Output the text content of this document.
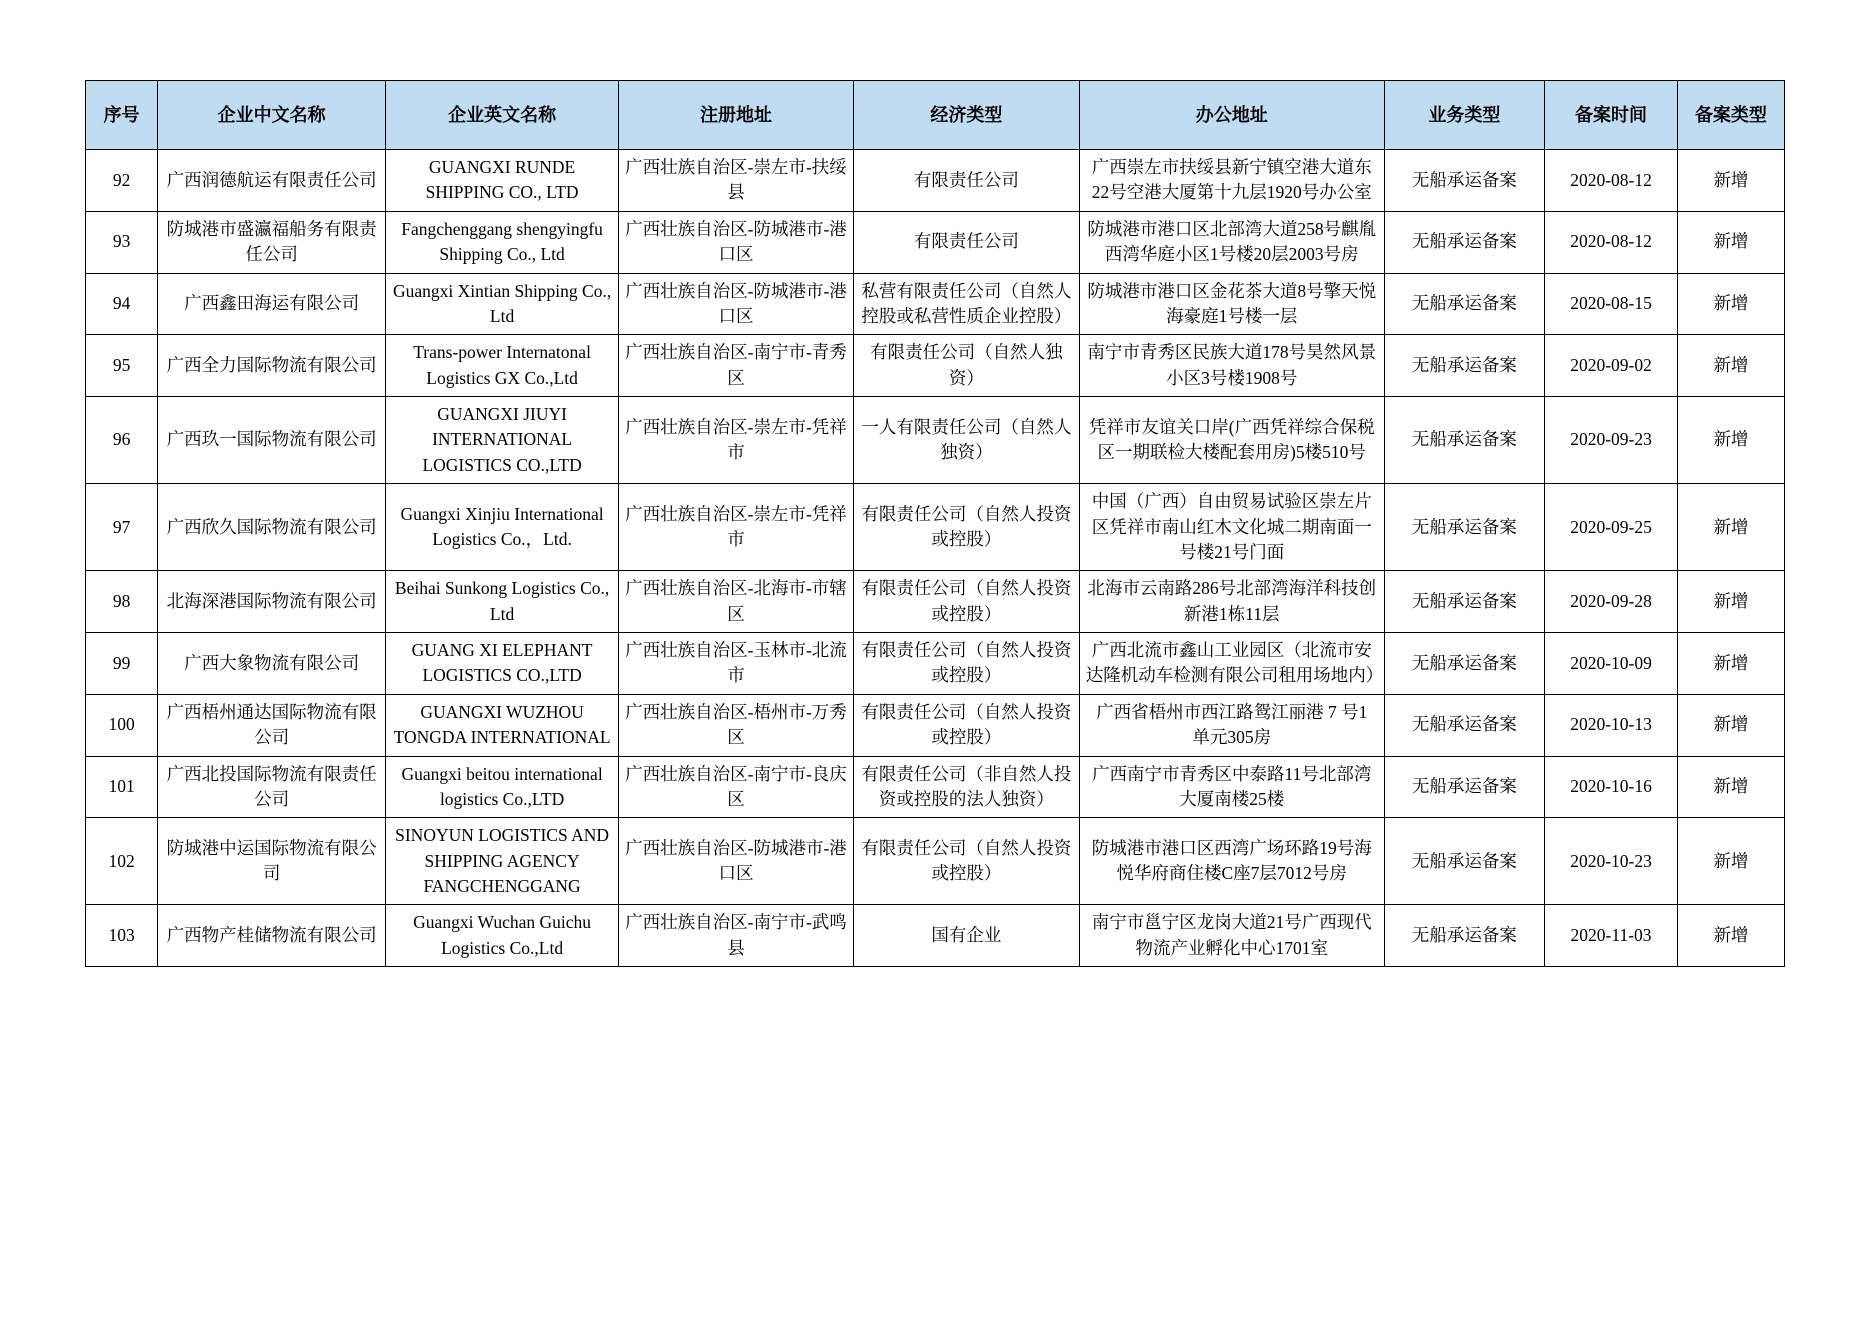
序号	企业中文名称	企业英文名称	注册地址	经济类型	办公地址	业务类型	备案时间	备案类型
92	广西润德航运有限责任公司	GUANGXI RUNDE SHIPPING CO., LTD	广西壮族自治区-崇左市-扶绥县	有限责任公司	广西崇左市扶绥县新宁镇空港大道东22号空港大厦第十九层1920号办公室	无船承运备案	2020-08-12	新增
93	防城港市盛瀛福船务有限责任公司	Fangchenggang shengyingfu Shipping Co., Ltd	广西壮族自治区-防城港市-港口区	有限责任公司	防城港市港口区北部湾大道258号麒胤西湾华庭小区1号楼20层2003号房	无船承运备案	2020-08-12	新增
94	广西鑫田海运有限公司	Guangxi Xintian Shipping Co., Ltd	广西壮族自治区-防城港市-港口区	私营有限责任公司（自然人控股或私营性质企业控股）	防城港市港口区金花茶大道8号擎天悦海豪庭1号楼一层	无船承运备案	2020-08-15	新增
95	广西全力国际物流有限公司	Trans-power Internatonal Logistics GX Co.,Ltd	广西壮族自治区-南宁市-青秀区	有限责任公司（自然人独资）	南宁市青秀区民族大道178号昊然风景小区3号楼1908号	无船承运备案	2020-09-02	新增
96	广西玖一国际物流有限公司	GUANGXI JIUYI INTERNATIONAL LOGISTICS CO.,LTD	广西壮族自治区-崇左市-凭祥市	一人有限责任公司（自然人独资）	凭祥市友谊关口岸(广西凭祥综合保税区一期联检大楼配套用房)5楼510号	无船承运备案	2020-09-23	新增
97	广西欣久国际物流有限公司	Guangxi Xinjiu International Logistics Co.，Ltd.	广西壮族自治区-崇左市-凭祥市	有限责任公司（自然人投资或控股）	中国（广西）自由贸易试验区崇左片区凭祥市南山红木文化城二期南面一号楼21号门面	无船承运备案	2020-09-25	新增
98	北海深港国际物流有限公司	Beihai Sunkong Logistics Co., Ltd	广西壮族自治区-北海市-市辖区	有限责任公司（自然人投资或控股）	北海市云南路286号北部湾海洋科技创新港1栋11层	无船承运备案	2020-09-28	新增
99	广西大象物流有限公司	GUANG XI ELEPHANT LOGISTICS CO.,LTD	广西壮族自治区-玉林市-北流市	有限责任公司（自然人投资或控股）	广西北流市鑫山工业园区（北流市安达隆机动车检测有限公司租用场地内）	无船承运备案	2020-10-09	新增
100	广西梧州通达国际物流有限公司	GUANGXI WUZHOU TONGDA INTERNATIONAL	广西壮族自治区-梧州市-万秀区	有限责任公司（自然人投资或控股）	广西省梧州市西江路鸳江丽港 7 号1 单元305房	无船承运备案	2020-10-13	新增
101	广西北投国际物流有限责任公司	Guangxi beitou international logistics Co.,LTD	广西壮族自治区-南宁市-良庆区	有限责任公司（非自然人投资或控股的法人独资）	广西南宁市青秀区中泰路11号北部湾大厦南楼25楼	无船承运备案	2020-10-16	新增
102	防城港中运国际物流有限公司	SINOYUN LOGISTICS AND SHIPPING AGENCY FANGCHENGGANG	广西壮族自治区-防城港市-港口区	有限责任公司（自然人投资或控股）	防城港市港口区西湾广场环路19号海悦华府商住楼C座7层7012号房	无船承运备案	2020-10-23	新增
103	广西物产桂储物流有限公司	Guangxi Wuchan Guichu Logistics Co.,Ltd	广西壮族自治区-南宁市-武鸣县	国有企业	南宁市邕宁区龙岗大道21号广西现代物流产业孵化中心1701室	无船承运备案	2020-11-03	新增
